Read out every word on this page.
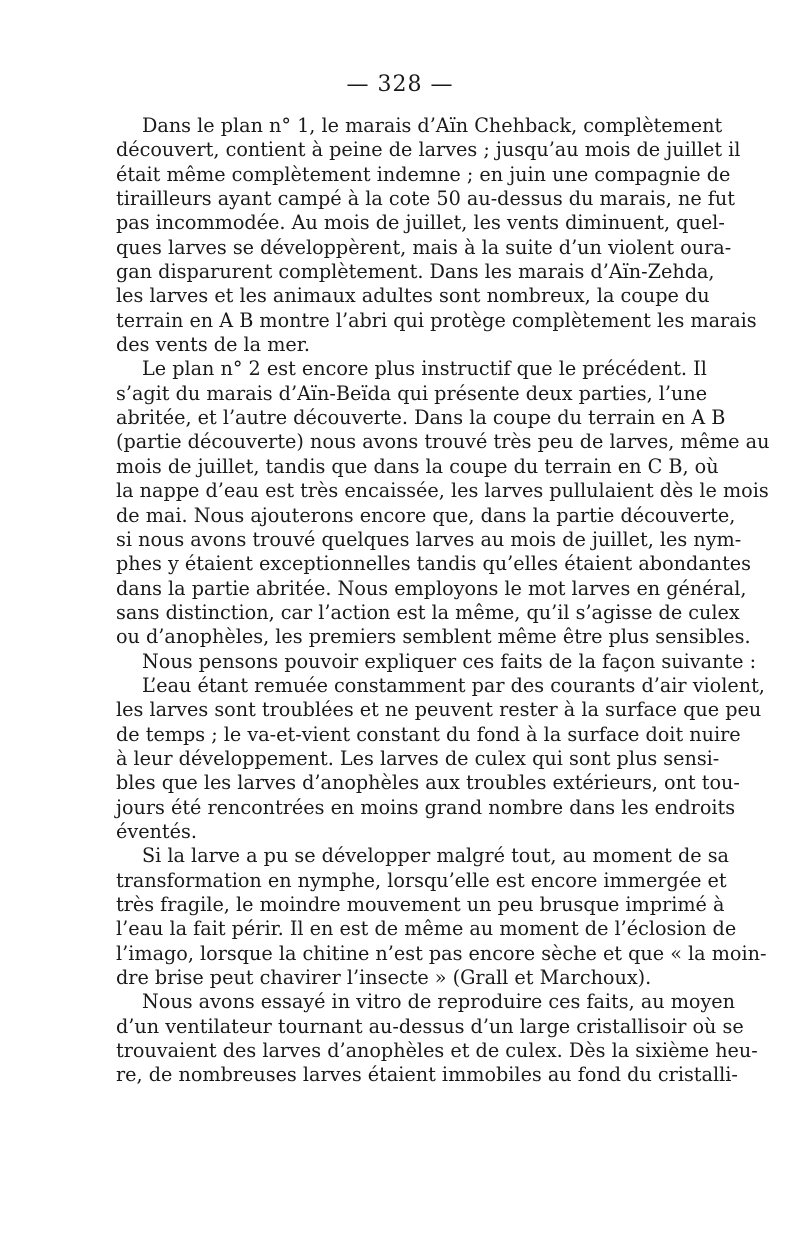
— 328 —
Dans le plan n° 1, le marais d’Aïn Chehback, complètement
découvert, contient à peine de larves ; jusqu’au mois de juillet il
était même complètement indemne ; en juin une compagnie de
tirailleurs ayant campé à la cote 50 au-dessus du marais, ne fut
pas incommodée. Au mois de juillet, les vents diminuent, quel-
ques larves se développèrent, mais à la suite d’un violent oura-
gan disparurent complètement. Dans les marais d’Aïn-Zehda,
les larves et les animaux adultes sont nombreux, la coupe du
terrain en A B montre l’abri qui protège complètement les marais
des vents de la mer.
Le plan n° 2 est encore plus instructif que le précédent. Il
s’agit du marais d’Aïn-Beïda qui présente deux parties, l’une
abritée, et l’autre découverte. Dans la coupe du terrain en A B
(partie découverte) nous avons trouvé très peu de larves, même au
mois de juillet, tandis que dans la coupe du terrain en C B, où
la nappe d’eau est très encaissée, les larves pullulaient dès le mois
de mai. Nous ajouterons encore que, dans la partie découverte,
si nous avons trouvé quelques larves au mois de juillet, les nym-
phes y étaient exceptionnelles tandis qu’elles étaient abondantes
dans la partie abritée. Nous employons le mot larves en général,
sans distinction, car l’action est la même, qu’il s’agisse de culex
ou d’anophèles, les premiers semblent même être plus sensibles.
Nous pensons pouvoir expliquer ces faits de la façon suivante :
L’eau étant remuée constamment par des courants d’air violent,
les larves sont troublées et ne peuvent rester à la surface que peu
de temps ; le va-et-vient constant du fond à la surface doit nuire
à leur développement. Les larves de culex qui sont plus sensi-
bles que les larves d’anophèles aux troubles extérieurs, ont tou-
jours été rencontrées en moins grand nombre dans les endroits
éventés.
Si la larve a pu se développer malgré tout, au moment de sa
transformation en nymphe, lorsqu’elle est encore immergée et
très fragile, le moindre mouvement un peu brusque imprimé à
l’eau la fait périr. Il en est de même au moment de l’éclosion de
l’imago, lorsque la chitine n’est pas encore sèche et que « la moin-
dre brise peut chavirer l’insecte » (Grall et Marchoux).
Nous avons essayé in vitro de reproduire ces faits, au moyen
d’un ventilateur tournant au-dessus d’un large cristallisoir où se
trouvaient des larves d’anophèles et de culex. Dès la sixième heu-
re, de nombreuses larves étaient immobiles au fond du cristalli-
